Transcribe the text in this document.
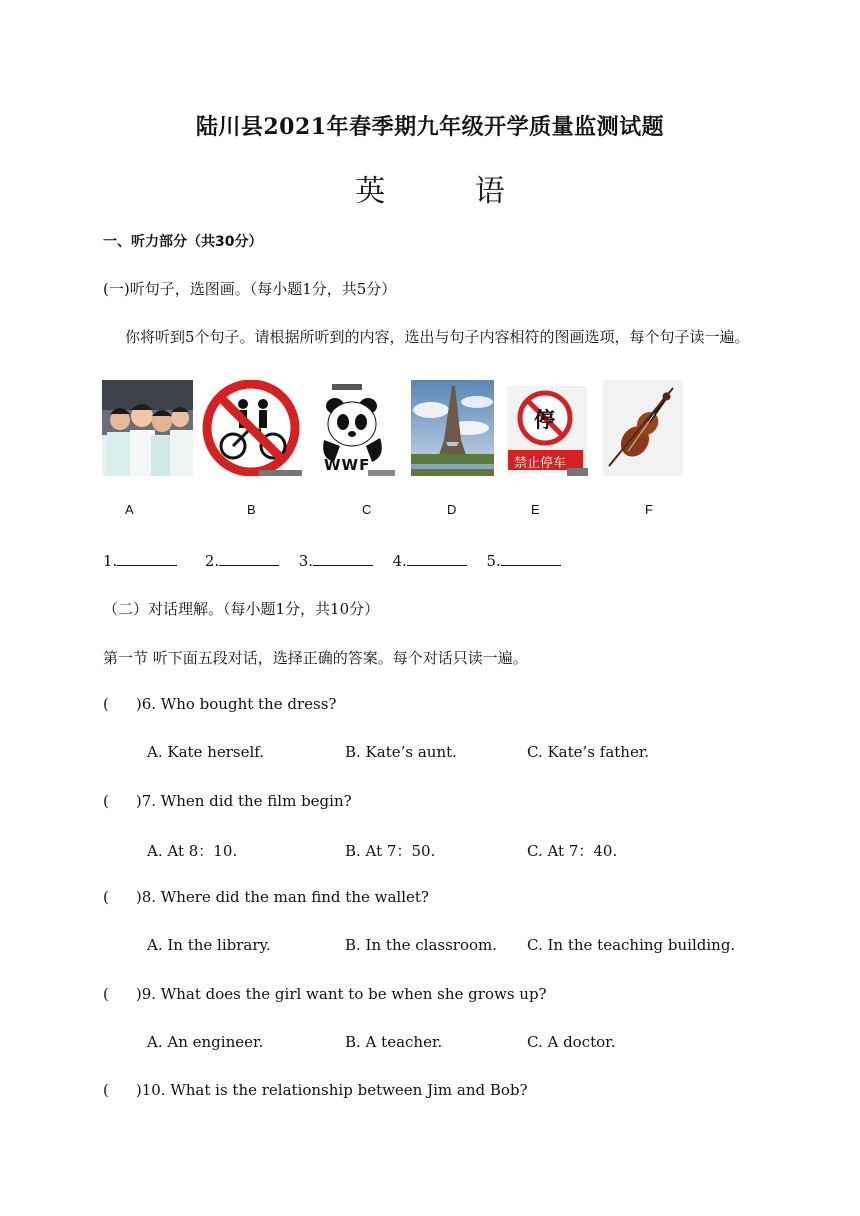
陆川县2021年春季期九年级开学质量监测试题
英 语
一、听力部分（共30分）
(一)听句子，选图画。（每小题1分，共5分）
你将听到5个句子。请根据所听到的内容，选出与句子内容相符的图画选项，每个句子读一遍。
WWF
停
禁止停车
A	B	C	D	E	F
1.	2.	3.	4.	5.
（二）对话理解。（每小题1分，共10分）
第一节 听下面五段对话，选择正确的答案。每个对话只读一遍。
( )6. Who bought the dress?
A. Kate herself.	B. Kate’s aunt.	C. Kate’s father.
( )7. When did the film begin?
A. At 8：10.	B. At 7：50.	C. At 7：40.
( )8. Where did the man find the wallet?
A. In the library.	B. In the classroom. C. In the teaching building.
( )9. What does the girl want to be when she grows up?
A. An engineer.	B. A teacher.	C. A doctor.
( )10. What is the relationship between Jim and Bob?
